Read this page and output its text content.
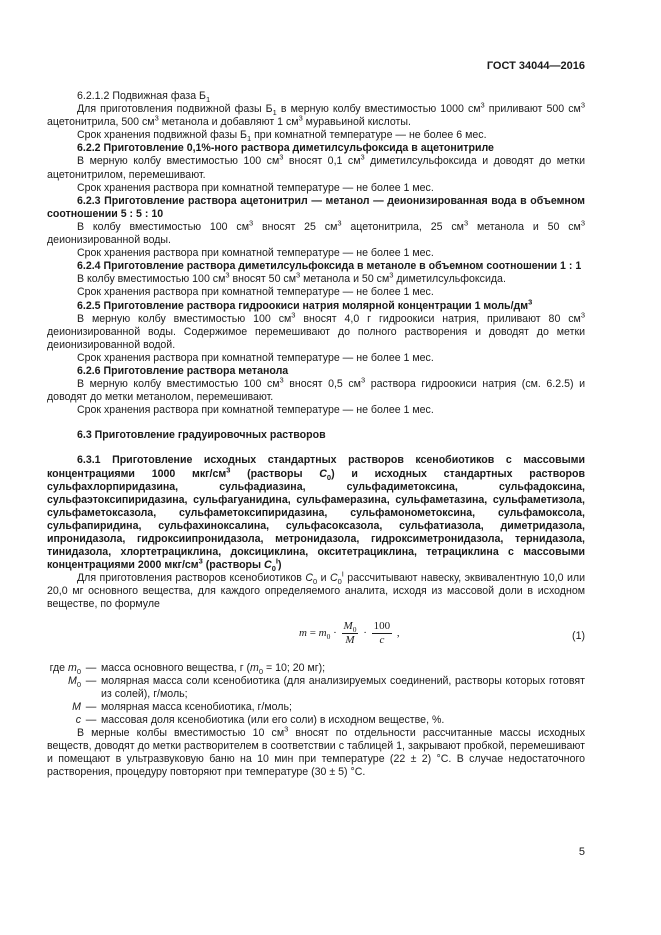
ГОСТ 34044—2016

6.2.1.2 Подвижная фаза $Б_1$

Для приготовления подвижной фазы $Б_1$ в мерную колбу вместимостью 1000 $см^3$ приливают 500 $см^3$ ацетонитрила, 500 $см^3$ метанола и добавляют 1 $см^3$ муравьиной кислоты.

Срок хранения подвижной фазы $Б_1$ при комнатной температуре — не более 6 мес.

6.2.2 Приготовление 0,1%-ного раствора диметилсульфоксида в ацетонитриле

В мерную колбу вместимостью 100 $см^3$ вносят 0,1 $см^3$ диметилсульфоксида и доводят до метки ацетонитрилом, перемешивают.

Срок хранения раствора при комнатной температуре — не более 1 мес.

6.2.3 Приготовление раствора ацетонитрил — метанол — деионизированная вода в объемном соотношении 5 : 5 : 10

В колбу вместимостью 100 $см^3$ вносят 25 $см^3$ ацетонитрила, 25 $см^3$ метанола и 50 $см^3$ деионизированной воды.

Срок хранения раствора при комнатной температуре — не более 1 мес.

6.2.4 Приготовление раствора диметилсульфоксида в метаноле в объемном соотношении 1 : 1

В колбу вместимостью 100 $см^3$ вносят 50 $см^3$ метанола и 50 $см^3$ диметилсульфоксида.

Срок хранения раствора при комнатной температуре — не более 1 мес.

6.2.5 Приготовление раствора гидроокиси натрия молярной концентрации 1 моль/$дм^3$

В мерную колбу вместимостью 100 $см^3$ вносят 4,0 г гидроокиси натрия, приливают 80 $см^3$ деионизированной воды. Содержимое перемешивают до полного растворения и доводят до метки деионизированной водой.

Срок хранения раствора при комнатной температуре — не более 1 мес.

6.2.6 Приготовление раствора метанола

В мерную колбу вместимостью 100 $см^3$ вносят 0,5 $см^3$ раствора гидроокиси натрия (см. 6.2.5) и доводят до метки метанолом, перемешивают.

Срок хранения раствора при комнатной температуре — не более 1 мес.

6.3 Приготовление градуировочных растворов

6.3.1 Приготовление исходных стандартных растворов ксенобиотиков с массовыми концентрациями 1000 мкг/$см^3$ (растворы $С_0$) и исходных стандартных растворов сульфахлорпиридазина, сульфадиазина, сульфадиметоксина, сульфадоксина, сульфаэтоксипиридазина, сульфагуанидина, сульфамеразина, сульфаметазина, сульфаметизола, сульфаметоксазола, сульфаметоксипиридазина, сульфамонометоксина, сульфамоксола, сульфапиридина, сульфахиноксалина, сульфасоксазола, сульфатиазола, диметридазола, ипронидазола, гидроксиипронидазола, метронидазола, гидроксиметронидазола, тернидазола, тинидазола, хлортетрациклина, доксициклина, окситетрациклина, тетрациклина с массовыми концентрациями 2000 мкг/$см^3$ (растворы $С_0^I$)

Для приготовления растворов ксенобиотиков $С_0$ и $С_0^I$ рассчитывают навеску, эквивалентную 10,0 или 20,0 мг основного вещества, для каждого определяемого аналита, исходя из массовой доли в исходном веществе, по формуле

$m = m_0 \cdot \frac{M_0}{M} \cdot \frac{100}{c}$ ,	(1)
где $m_0$ — масса основного вещества, г ($m_0 = 10$; 20 мг);
$M_0$ — молярная масса соли ксенобиотика (для анализируемых соединений, растворы которых готовят из солей), г/моль;
M — молярная масса ксенобиотика, г/моль;
c — массовая доля ксенобиотика (или его соли) в исходном веществе, %.

В мерные колбы вместимостью 10 $см^3$ вносят по отдельности рассчитанные массы исходных веществ, доводят до метки растворителем в соответствии с таблицей 1, закрывают пробкой, перемешивают и помещают в ультразвуковую баню на 10 мин при температуре (22 ± 2) °С. В случае недостаточного растворения, процедуру повторяют при температуре (30 ± 5) °С.

5
